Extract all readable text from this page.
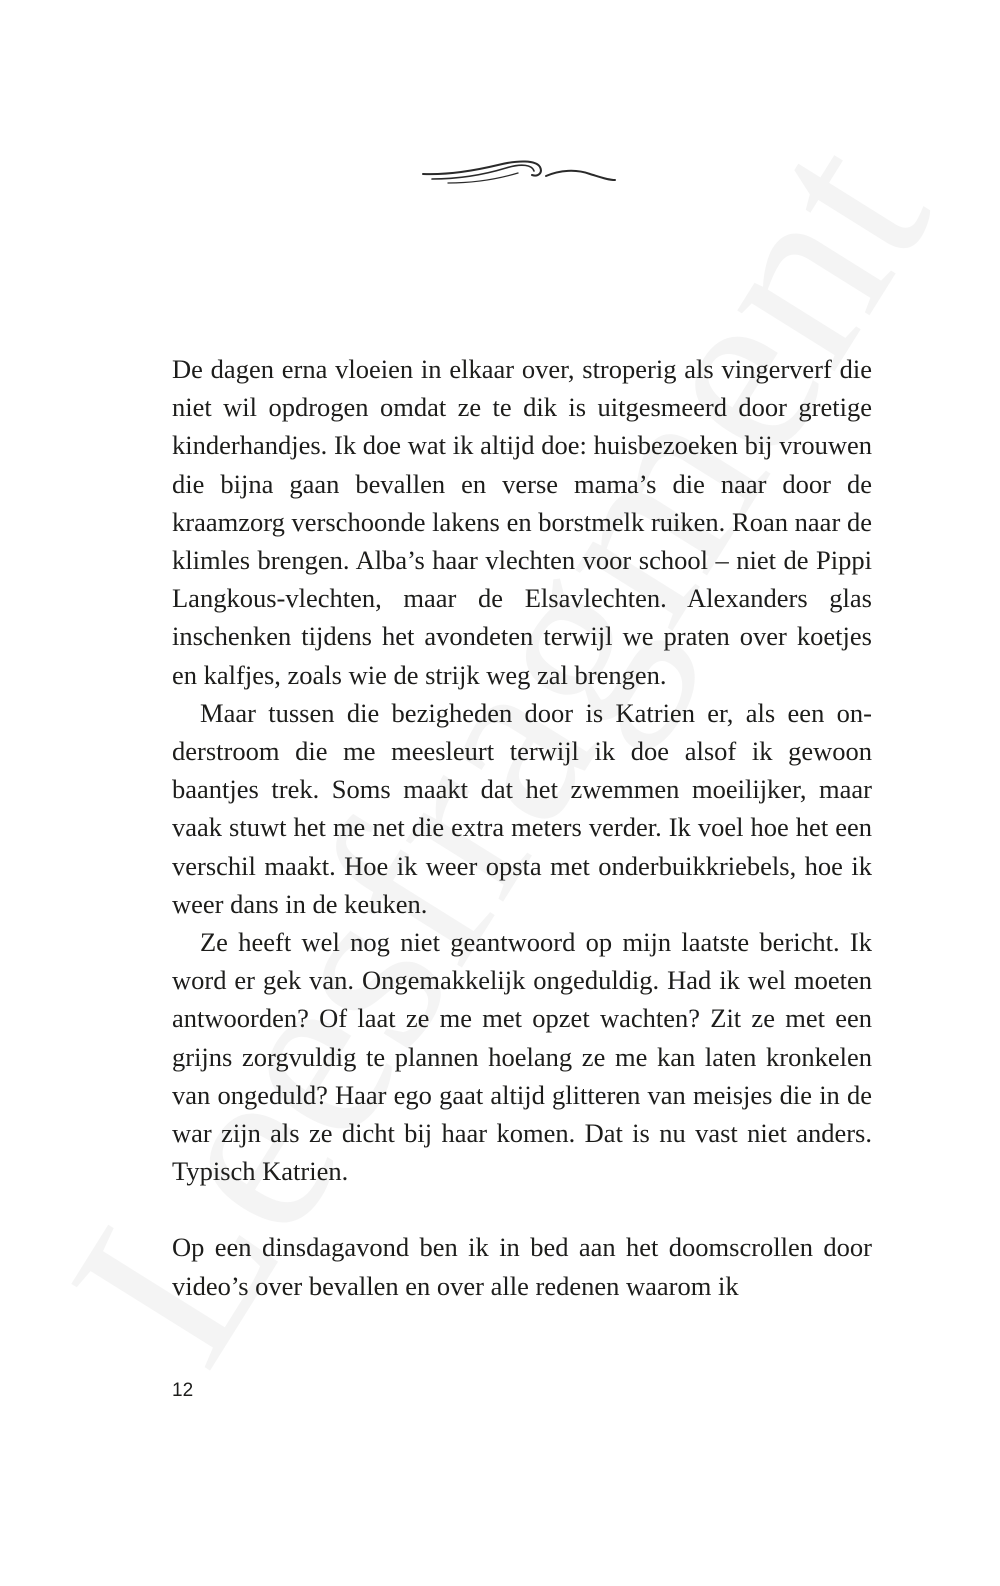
De dagen erna vloeien in elkaar over, stroperig als vingerverf die niet wil opdrogen omdat ze te dik is uitgesmeerd door gretige kinderhandjes. Ik doe wat ik altijd doe: huisbezoeken bij vrouwen die bijna gaan bevallen en verse mama’s die naar door de kraamzorg verschoonde lakens en borstmelk ruiken. Roan naar de klimles brengen. Alba’s haar vlechten voor school – niet de Pippi Langkous-vlechten, maar de Elsavlechten. Alexanders glas inschenken tijdens het avondeten terwijl we praten over koetjes en kalfjes, zoals wie de strijk weg zal brengen.

Maar tussen die bezigheden door is Katrien er, als een onderstroom die me meesleurt terwijl ik doe alsof ik gewoon baantjes trek. Soms maakt dat het zwemmen moeilijker, maar vaak stuwt het me net die extra meters verder. Ik voel hoe het een verschil maakt. Hoe ik weer opsta met onderbuikkriebels, hoe ik weer dans in de keuken.

Ze heeft wel nog niet geantwoord op mijn laatste bericht. Ik word er gek van. Ongemakkelijk ongeduldig. Had ik wel moeten antwoorden? Of laat ze me met opzet wachten? Zit ze met een grijns zorgvuldig te plannen hoelang ze me kan laten kronkelen van ongeduld? Haar ego gaat altijd glitteren van meisjes die in de war zijn als ze dicht bij haar komen. Dat is nu vast niet anders. Typisch Katrien.

Op een dinsdagavond ben ik in bed aan het doomscrollen door video’s over bevallen en over alle redenen waarom ik

12
